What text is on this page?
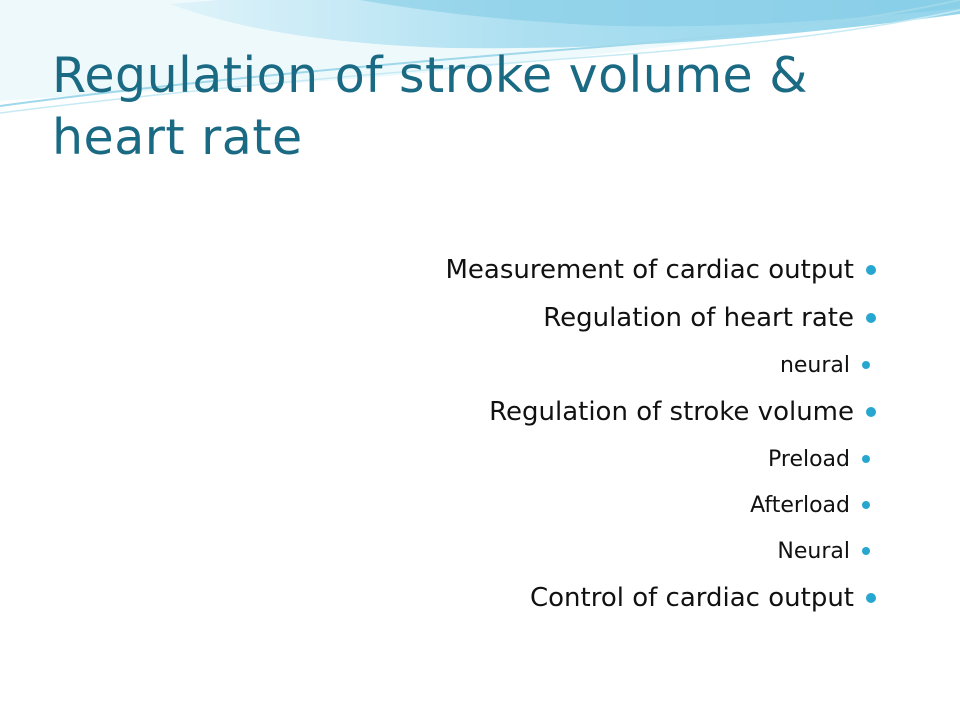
Regulation of stroke volume & heart rate
Measurement of cardiac output
Regulation of heart rate
neural
Regulation of stroke volume
Preload
Afterload
Neural
Control of cardiac output
